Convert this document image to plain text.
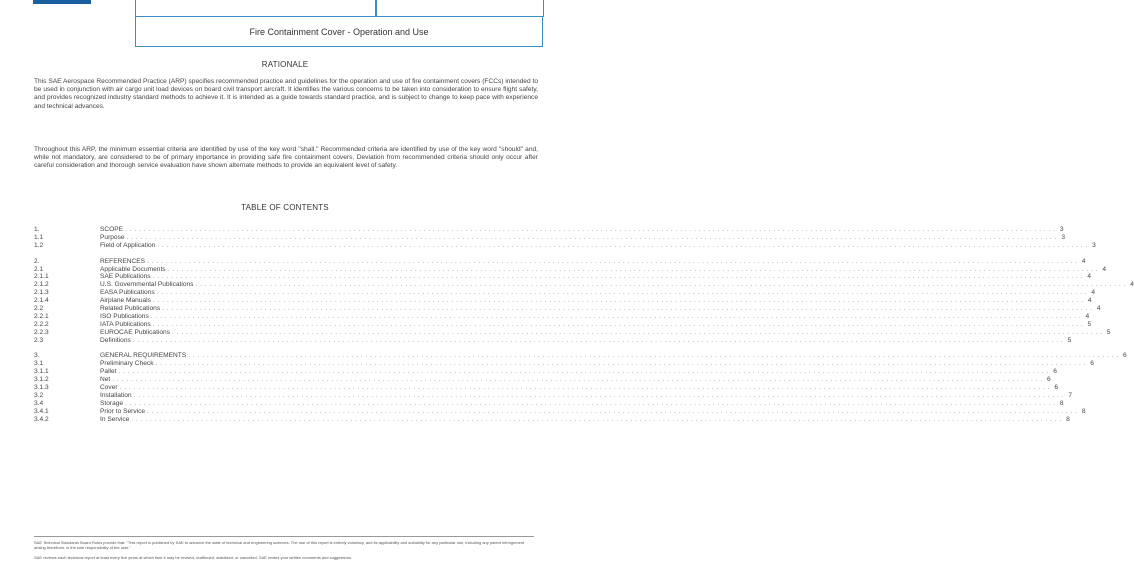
Fire Containment Cover - Operation and Use
RATIONALE
This SAE Aerospace Recommended Practice (ARP) specifies recommended practice and guidelines for the operation and use of fire containment covers (FCCs) intended to be used in conjunction with air cargo unit load devices on board civil transport aircraft. It identifies the various concerns to be taken into consideration to ensure flight safety, and provides recognized industry standard methods to achieve it. It is intended as a guide towards standard practice, and is subject to change to keep pace with experience and technical advances.
Throughout this ARP, the minimum essential criteria are identified by use of the key word "shall." Recommended criteria are identified by use of the key word "should" and, while not mandatory, are considered to be of primary importance in providing safe fire containment covers. Deviation from recommended criteria should only occur after careful consideration and thorough service evaluation have shown alternate methods to provide an equivalent level of safety.
TABLE OF CONTENTS
1.	SCOPE . . . . . . . . . . . . . . . . . . . . . . . . . . . . . . . . . . . . . . . . . . . . . . . . . . . . . . . . . . . . . . . . . . . . . . . . . . . . . . . . . . . . . . . . . . . . . . . . . . . . . . . . . . . . . . . . . . . . . . . . . . . . . . . . . . . . . . . . . . . . . . . . . . . . . . . . . . . . . . . . . . . . . . . . . . . . . . . . . . . . . . . . . . . . . . . . . . . . . . . . 3
1.1	Purpose . . . . . . . . . . . . . . . . . . . . . . . . . . . . . . . . . . . . . . . . . . . . . . . . . . . . . . . . . . . . . . . . . . . . . . . . . . . . . . . . . . . . . . . . . . . . . . . . . . . . . . . . . . . . . . . . . . . . . . . . . . . . . . . . . . . . . . . . . . . . . . . . . . . . . . . . . . . . . . . . . . . . . . . . . . . . . . . . . . . . . . . . . . . . . . . . . . . . . . . . 3
1.2	Field of Application . . . . . . . . . . . . . . . . . . . . . . . . . . . . . . . . . . . . . . . . . . . . . . . . . . . . . . . . . . . . . . . . . . . . . . . . . . . . . . . . . . . . . . . . . . . . . . . . . . . . . . . . . . . . . . . . . . . . . . . . . . . . . . . . . . . . . . . . . . . . . . . . . . . . . . . . . . . . . . . . . . . . . . . . . . . . . . . . . . . . . . . . . . . . . . . . . . . . . . . . 3
2.	REFERENCES . . . . . . . . . . . . . . . . . . . . . . . . . . . . . . . . . . . . . . . . . . . . . . . . . . . . . . . . . . . . . . . . . . . . . . . . . . . . . . . . . . . . . . . . . . . . . . . . . . . . . . . . . . . . . . . . . . . . . . . . . . . . . . . . . . . . . . . . . . . . . . . . . . . . . . . . . . . . . . . . . . . . . . . . . . . . . . . . . . . . . . . . . . . . . . . . . . . . . . . . 4
2.1	Applicable Documents . . . . . . . . . . . . . . . . . . . . . . . . . . . . . . . . . . . . . . . . . . . . . . . . . . . . . . . . . . . . . . . . . . . . . . . . . . . . . . . . . . . . . . . . . . . . . . . . . . . . . . . . . . . . . . . . . . . . . . . . . . . . . . . . . . . . . . . . . . . . . . . . . . . . . . . . . . . . . . . . . . . . . . . . . . . . . . . . . . . . . . . . . . . . . . . . . . . . . . . . 4
2.1.1	SAE Publications . . . . . . . . . . . . . . . . . . . . . . . . . . . . . . . . . . . . . . . . . . . . . . . . . . . . . . . . . . . . . . . . . . . . . . . . . . . . . . . . . . . . . . . . . . . . . . . . . . . . . . . . . . . . . . . . . . . . . . . . . . . . . . . . . . . . . . . . . . . . . . . . . . . . . . . . . . . . . . . . . . . . . . . . . . . . . . . . . . . . . . . . . . . . . . . . . . . . . . . . 4
2.1.2	U.S. Governmental Publications . . . . . . . . . . . . . . . . . . . . . . . . . . . . . . . . . . . . . . . . . . . . . . . . . . . . . . . . . . . . . . . . . . . . . . . . . . . . . . . . . . . . . . . . . . . . . . . . . . . . . . . . . . . . . . . . . . . . . . . . . . . . . . . . . . . . . . . . . . . . . . . . . . . . . . . . . . . . . . . . . . . . . . . . . . . . . . . . . . . . . . . . . . . . . . . . . . . . . . . . 4
2.1.3	EASA Publications . . . . . . . . . . . . . . . . . . . . . . . . . . . . . . . . . . . . . . . . . . . . . . . . . . . . . . . . . . . . . . . . . . . . . . . . . . . . . . . . . . . . . . . . . . . . . . . . . . . . . . . . . . . . . . . . . . . . . . . . . . . . . . . . . . . . . . . . . . . . . . . . . . . . . . . . . . . . . . . . . . . . . . . . . . . . . . . . . . . . . . . . . . . . . . . . . . . . . . . . 4
2.1.4	Airplane Manuals . . . . . . . . . . . . . . . . . . . . . . . . . . . . . . . . . . . . . . . . . . . . . . . . . . . . . . . . . . . . . . . . . . . . . . . . . . . . . . . . . . . . . . . . . . . . . . . . . . . . . . . . . . . . . . . . . . . . . . . . . . . . . . . . . . . . . . . . . . . . . . . . . . . . . . . . . . . . . . . . . . . . . . . . . . . . . . . . . . . . . . . . . . . . . . . . . . . . . . . . 4
2.2	Related Publications . . . . . . . . . . . . . . . . . . . . . . . . . . . . . . . . . . . . . . . . . . . . . . . . . . . . . . . . . . . . . . . . . . . . . . . . . . . . . . . . . . . . . . . . . . . . . . . . . . . . . . . . . . . . . . . . . . . . . . . . . . . . . . . . . . . . . . . . . . . . . . . . . . . . . . . . . . . . . . . . . . . . . . . . . . . . . . . . . . . . . . . . . . . . . . . . . . . . . . . . 4
2.2.1	ISO Publications . . . . . . . . . . . . . . . . . . . . . . . . . . . . . . . . . . . . . . . . . . . . . . . . . . . . . . . . . . . . . . . . . . . . . . . . . . . . . . . . . . . . . . . . . . . . . . . . . . . . . . . . . . . . . . . . . . . . . . . . . . . . . . . . . . . . . . . . . . . . . . . . . . . . . . . . . . . . . . . . . . . . . . . . . . . . . . . . . . . . . . . . . . . . . . . . . . . . . . . . 4
2.2.2	IATA Publications . . . . . . . . . . . . . . . . . . . . . . . . . . . . . . . . . . . . . . . . . . . . . . . . . . . . . . . . . . . . . . . . . . . . . . . . . . . . . . . . . . . . . . . . . . . . . . . . . . . . . . . . . . . . . . . . . . . . . . . . . . . . . . . . . . . . . . . . . . . . . . . . . . . . . . . . . . . . . . . . . . . . . . . . . . . . . . . . . . . . . . . . . . . . . . . . . . . . . . . . 5
2.2.3	EUROCAE Publications . . . . . . . . . . . . . . . . . . . . . . . . . . . . . . . . . . . . . . . . . . . . . . . . . . . . . . . . . . . . . . . . . . . . . . . . . . . . . . . . . . . . . . . . . . . . . . . . . . . . . . . . . . . . . . . . . . . . . . . . . . . . . . . . . . . . . . . . . . . . . . . . . . . . . . . . . . . . . . . . . . . . . . . . . . . . . . . . . . . . . . . . . . . . . . . . . . . . . . . . 5
2.3	Definitions . . . . . . . . . . . . . . . . . . . . . . . . . . . . . . . . . . . . . . . . . . . . . . . . . . . . . . . . . . . . . . . . . . . . . . . . . . . . . . . . . . . . . . . . . . . . . . . . . . . . . . . . . . . . . . . . . . . . . . . . . . . . . . . . . . . . . . . . . . . . . . . . . . . . . . . . . . . . . . . . . . . . . . . . . . . . . . . . . . . . . . . . . . . . . . . . . . . . . . . . 5
3.	GENERAL REQUIREMENTS . . . . . . . . . . . . . . . . . . . . . . . . . . . . . . . . . . . . . . . . . . . . . . . . . . . . . . . . . . . . . . . . . . . . . . . . . . . . . . . . . . . . . . . . . . . . . . . . . . . . . . . . . . . . . . . . . . . . . . . . . . . . . . . . . . . . . . . . . . . . . . . . . . . . . . . . . . . . . . . . . . . . . . . . . . . . . . . . . . . . . . . . . . . . . . . . . . . . . . . . 6
3.1	Preliminary Check . . . . . . . . . . . . . . . . . . . . . . . . . . . . . . . . . . . . . . . . . . . . . . . . . . . . . . . . . . . . . . . . . . . . . . . . . . . . . . . . . . . . . . . . . . . . . . . . . . . . . . . . . . . . . . . . . . . . . . . . . . . . . . . . . . . . . . . . . . . . . . . . . . . . . . . . . . . . . . . . . . . . . . . . . . . . . . . . . . . . . . . . . . . . . . . . . . . . . . . . 6
3.1.1	Pallet . . . . . . . . . . . . . . . . . . . . . . . . . . . . . . . . . . . . . . . . . . . . . . . . . . . . . . . . . . . . . . . . . . . . . . . . . . . . . . . . . . . . . . . . . . . . . . . . . . . . . . . . . . . . . . . . . . . . . . . . . . . . . . . . . . . . . . . . . . . . . . . . . . . . . . . . . . . . . . . . . . . . . . . . . . . . . . . . . . . . . . . . . . . . . . . . . . . . . . . . 6
3.1.2	Net . . . . . . . . . . . . . . . . . . . . . . . . . . . . . . . . . . . . . . . . . . . . . . . . . . . . . . . . . . . . . . . . . . . . . . . . . . . . . . . . . . . . . . . . . . . . . . . . . . . . . . . . . . . . . . . . . . . . . . . . . . . . . . . . . . . . . . . . . . . . . . . . . . . . . . . . . . . . . . . . . . . . . . . . . . . . . . . . . . . . . . . . . . . . . . . . . . . . . . . . 6
3.1.3	Cover . . . . . . . . . . . . . . . . . . . . . . . . . . . . . . . . . . . . . . . . . . . . . . . . . . . . . . . . . . . . . . . . . . . . . . . . . . . . . . . . . . . . . . . . . . . . . . . . . . . . . . . . . . . . . . . . . . . . . . . . . . . . . . . . . . . . . . . . . . . . . . . . . . . . . . . . . . . . . . . . . . . . . . . . . . . . . . . . . . . . . . . . . . . . . . . . . . . . . . . . 6
3.2	Installation . . . . . . . . . . . . . . . . . . . . . . . . . . . . . . . . . . . . . . . . . . . . . . . . . . . . . . . . . . . . . . . . . . . . . . . . . . . . . . . . . . . . . . . . . . . . . . . . . . . . . . . . . . . . . . . . . . . . . . . . . . . . . . . . . . . . . . . . . . . . . . . . . . . . . . . . . . . . . . . . . . . . . . . . . . . . . . . . . . . . . . . . . . . . . . . . . . . . . . . . 7
3.4	Storage . . . . . . . . . . . . . . . . . . . . . . . . . . . . . . . . . . . . . . . . . . . . . . . . . . . . . . . . . . . . . . . . . . . . . . . . . . . . . . . . . . . . . . . . . . . . . . . . . . . . . . . . . . . . . . . . . . . . . . . . . . . . . . . . . . . . . . . . . . . . . . . . . . . . . . . . . . . . . . . . . . . . . . . . . . . . . . . . . . . . . . . . . . . . . . . . . . . . . . . . 8
3.4.1	Prior to Service . . . . . . . . . . . . . . . . . . . . . . . . . . . . . . . . . . . . . . . . . . . . . . . . . . . . . . . . . . . . . . . . . . . . . . . . . . . . . . . . . . . . . . . . . . . . . . . . . . . . . . . . . . . . . . . . . . . . . . . . . . . . . . . . . . . . . . . . . . . . . . . . . . . . . . . . . . . . . . . . . . . . . . . . . . . . . . . . . . . . . . . . . . . . . . . . . . . . . . . . 8
3.4.2	In Service . . . . . . . . . . . . . . . . . . . . . . . . . . . . . . . . . . . . . . . . . . . . . . . . . . . . . . . . . . . . . . . . . . . . . . . . . . . . . . . . . . . . . . . . . . . . . . . . . . . . . . . . . . . . . . . . . . . . . . . . . . . . . . . . . . . . . . . . . . . . . . . . . . . . . . . . . . . . . . . . . . . . . . . . . . . . . . . . . . . . . . . . . . . . . . . . . . . . . . . . 8
SAE Technical Standards Board Rules provide that: "This report is published by SAE to advance the state of technical and engineering sciences. The use of this report is entirely voluntary, and its applicability and suitability for any particular use, including any patent infringement arising therefrom, is the sole responsibility of the user."
SAE reviews each technical report at least every five years at which time it may be revised, reaffirmed, stabilized, or cancelled. SAE invites your written comments and suggestions.
